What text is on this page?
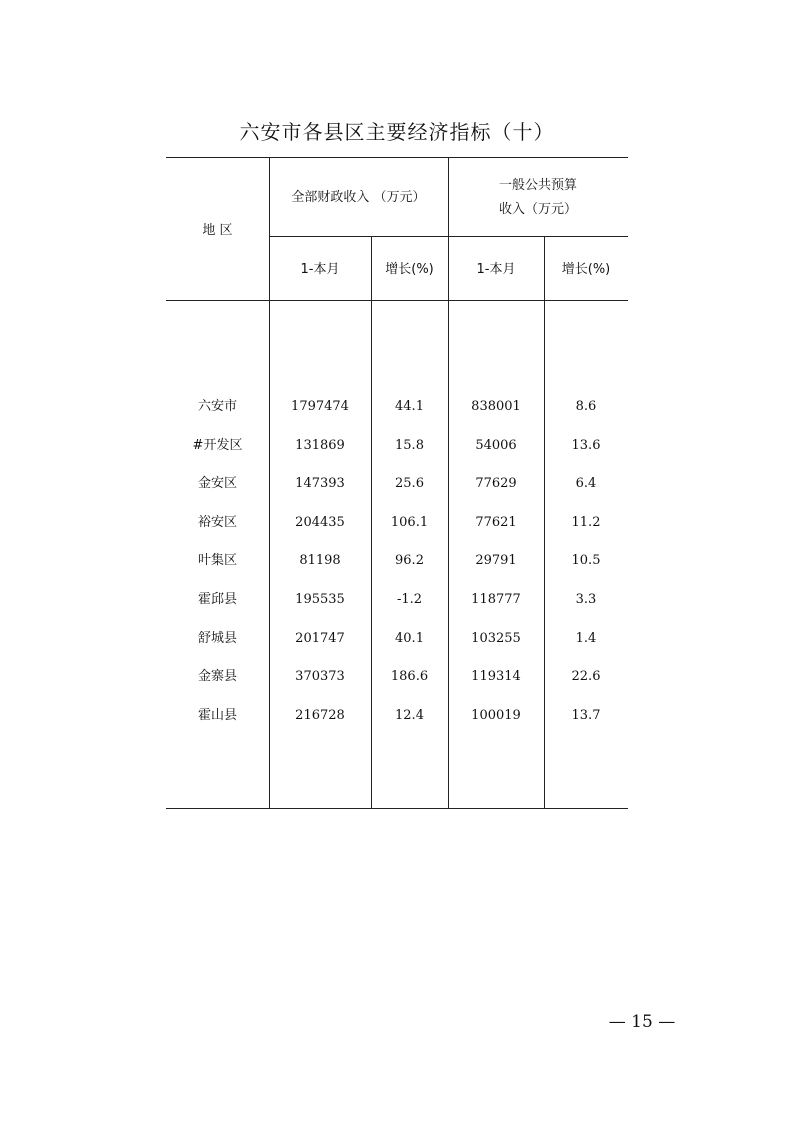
六安市各县区主要经济指标（十）
地 区
全部财政收入 （万元）
一般公共预算
收入（万元）
1-本月	增长(%)	1-本月	增长(%)
六安市	1797474	44.1	838001	8.6
#开发区	131869	15.8	54006	13.6
金安区	147393	25.6	77629	6.4
裕安区	204435	106.1	77621	11.2
叶集区	81198	96.2	29791	10.5
霍邱县	195535	-1.2	118777	3.3
舒城县	201747	40.1	103255	1.4
金寨县	370373	186.6	119314	22.6
霍山县	216728	12.4	100019	13.7
— 15 —
